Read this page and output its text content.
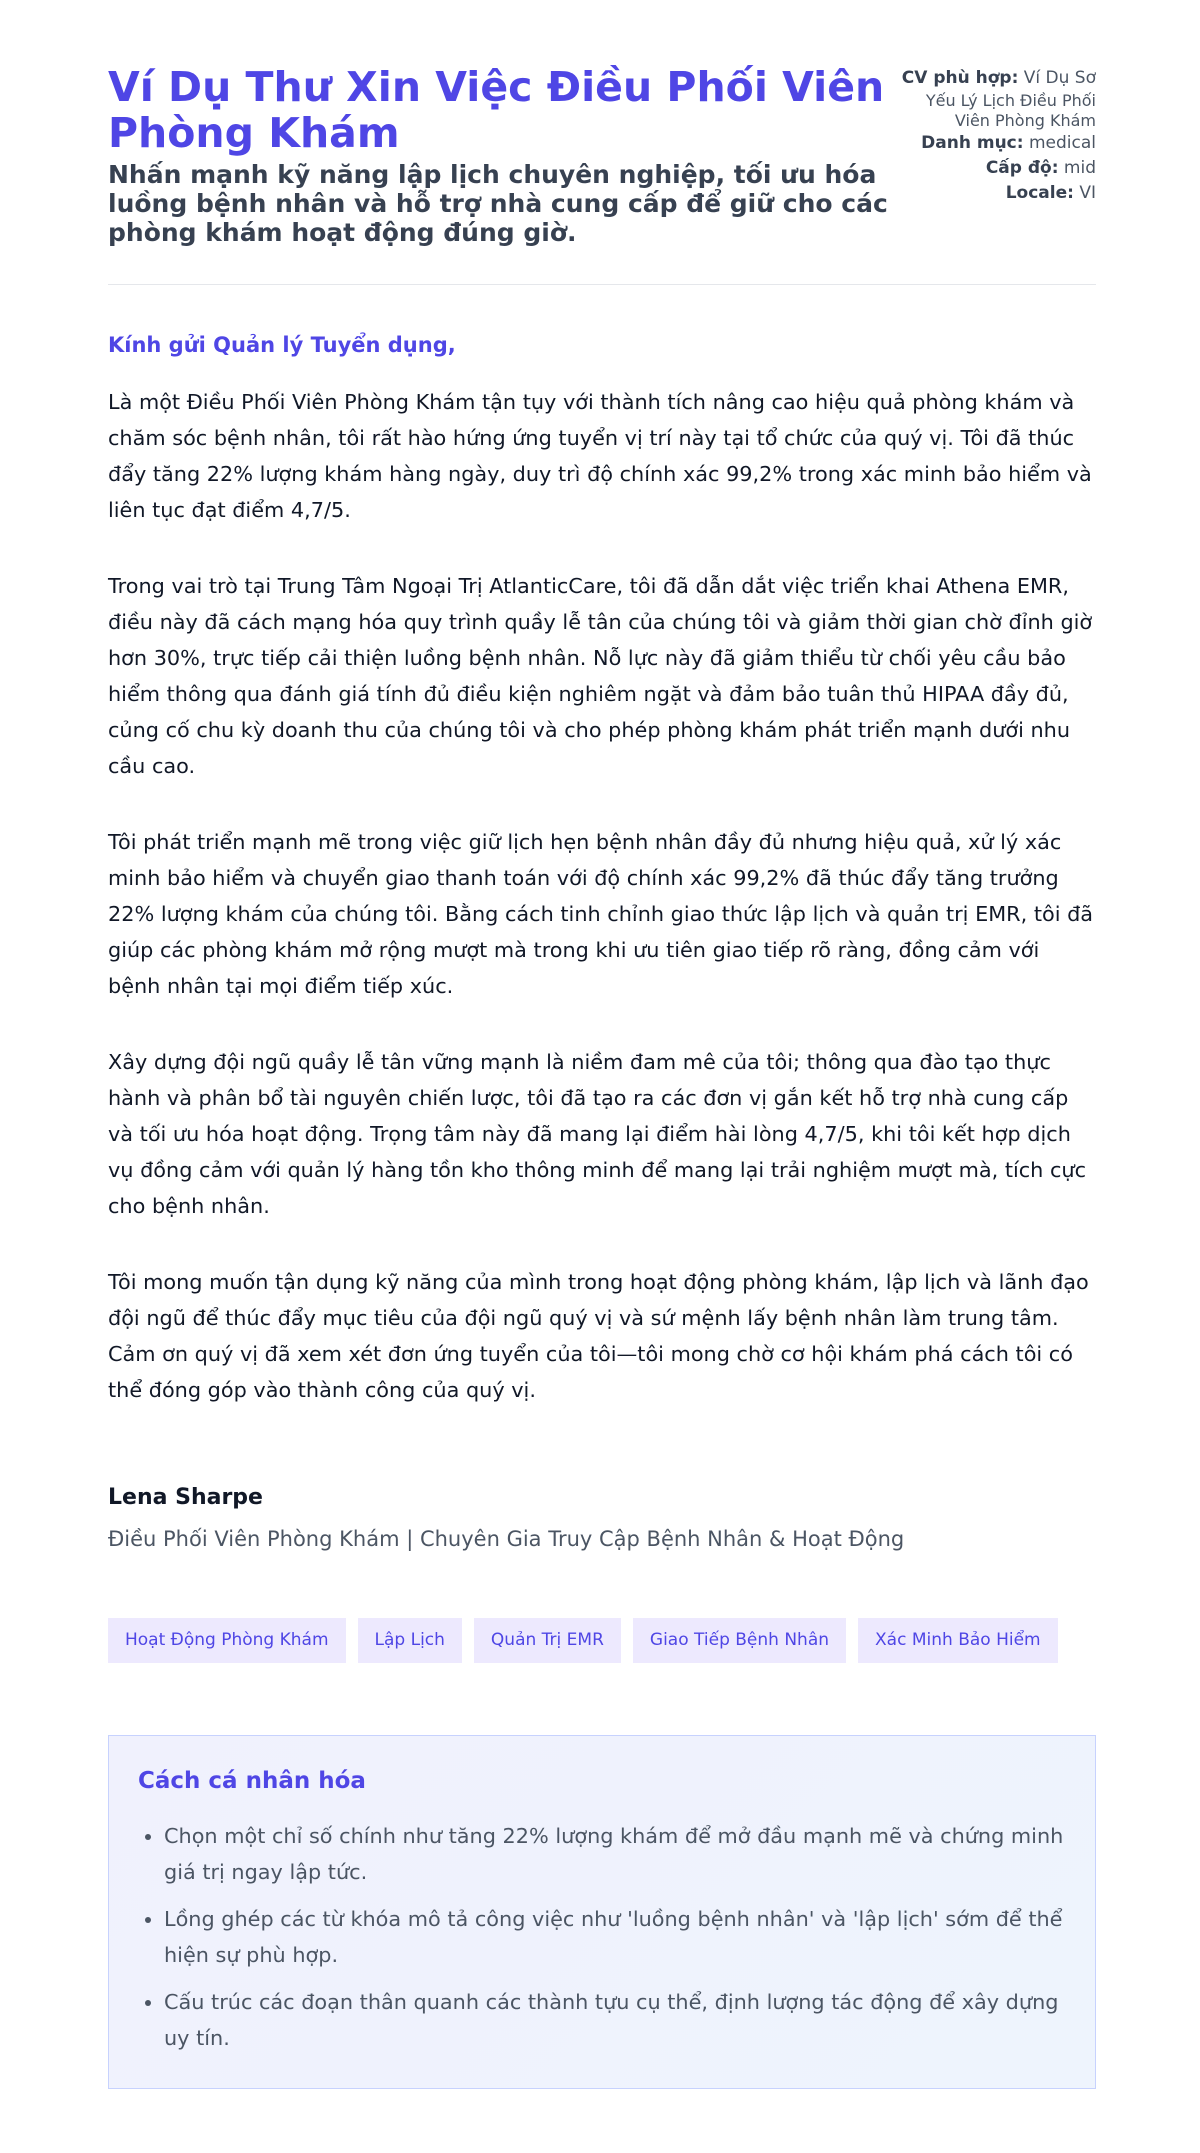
Ví Dụ Thư Xin Việc Điều Phối Viên Phòng Khám
Nhấn mạnh kỹ năng lập lịch chuyên nghiệp, tối ưu hóa luồng bệnh nhân và hỗ trợ nhà cung cấp để giữ cho các phòng khám hoạt động đúng giờ.
CV phù hợp: Ví Dụ Sơ
Yếu Lý Lịch Điều Phối
Viên Phòng Khám
Danh mục: medical
Cấp độ: mid
Locale: VI

Kính gửi Quản lý Tuyển dụng,

Là một Điều Phối Viên Phòng Khám tận tụy với thành tích nâng cao hiệu quả phòng khám và chăm sóc bệnh nhân, tôi rất hào hứng ứng tuyển vị trí này tại tổ chức của quý vị. Tôi đã thúc đẩy tăng 22% lượng khám hàng ngày, duy trì độ chính xác 99,2% trong xác minh bảo hiểm và liên tục đạt điểm 4,7/5.

Trong vai trò tại Trung Tâm Ngoại Trị AtlanticCare, tôi đã dẫn dắt việc triển khai Athena EMR, điều này đã cách mạng hóa quy trình quầy lễ tân của chúng tôi và giảm thời gian chờ đỉnh giờ hơn 30%, trực tiếp cải thiện luồng bệnh nhân. Nỗ lực này đã giảm thiểu từ chối yêu cầu bảo hiểm thông qua đánh giá tính đủ điều kiện nghiêm ngặt và đảm bảo tuân thủ HIPAA đầy đủ, củng cố chu kỳ doanh thu của chúng tôi và cho phép phòng khám phát triển mạnh dưới nhu cầu cao.

Tôi phát triển mạnh mẽ trong việc giữ lịch hẹn bệnh nhân đầy đủ nhưng hiệu quả, xử lý xác minh bảo hiểm và chuyển giao thanh toán với độ chính xác 99,2% đã thúc đẩy tăng trưởng 22% lượng khám của chúng tôi. Bằng cách tinh chỉnh giao thức lập lịch và quản trị EMR, tôi đã giúp các phòng khám mở rộng mượt mà trong khi ưu tiên giao tiếp rõ ràng, đồng cảm với bệnh nhân tại mọi điểm tiếp xúc.

Xây dựng đội ngũ quầy lễ tân vững mạnh là niềm đam mê của tôi; thông qua đào tạo thực hành và phân bổ tài nguyên chiến lược, tôi đã tạo ra các đơn vị gắn kết hỗ trợ nhà cung cấp và tối ưu hóa hoạt động. Trọng tâm này đã mang lại điểm hài lòng 4,7/5, khi tôi kết hợp dịch vụ đồng cảm với quản lý hàng tồn kho thông minh để mang lại trải nghiệm mượt mà, tích cực cho bệnh nhân.

Tôi mong muốn tận dụng kỹ năng của mình trong hoạt động phòng khám, lập lịch và lãnh đạo đội ngũ để thúc đẩy mục tiêu của đội ngũ quý vị và sứ mệnh lấy bệnh nhân làm trung tâm. Cảm ơn quý vị đã xem xét đơn ứng tuyển của tôi—tôi mong chờ cơ hội khám phá cách tôi có thể đóng góp vào thành công của quý vị.

Lena Sharpe
Điều Phối Viên Phòng Khám | Chuyên Gia Truy Cập Bệnh Nhân & Hoạt Động
Hoạt Động Phòng Khám	Lập Lịch	Quản Trị EMR	Giao Tiếp Bệnh Nhân	Xác Minh Bảo Hiểm
Cách cá nhân hóa
• Chọn một chỉ số chính như tăng 22% lượng khám để mở đầu mạnh mẽ và chứng minh giá trị ngay lập tức.
• Lồng ghép các từ khóa mô tả công việc như 'luồng bệnh nhân' và 'lập lịch' sớm để thể hiện sự phù hợp.
• Cấu trúc các đoạn thân quanh các thành tựu cụ thể, định lượng tác động để xây dựng uy tín.
